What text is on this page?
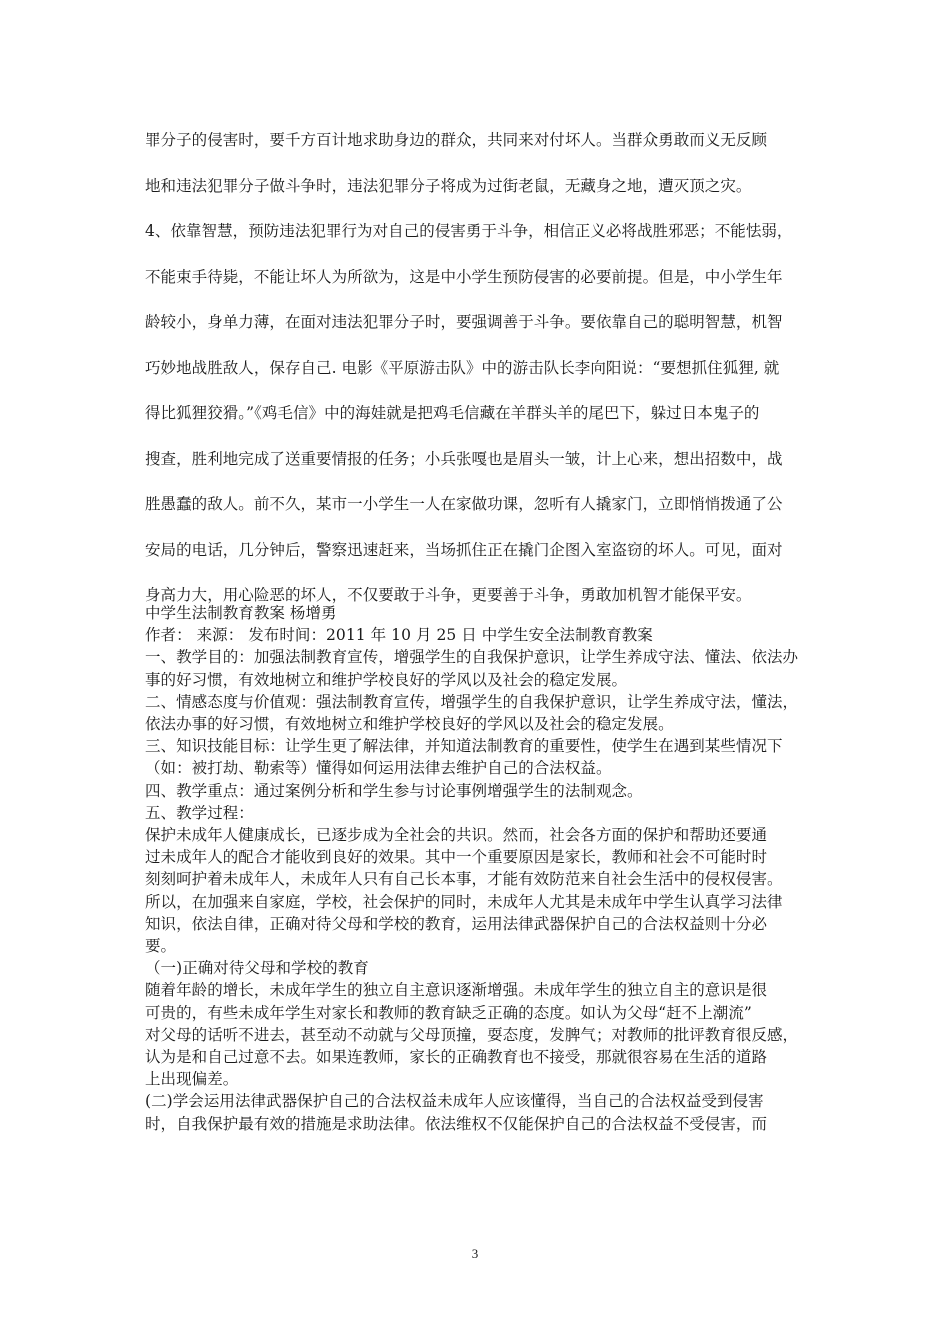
罪分子的侵害时，要千方百计地求助身边的群众，共同来对付坏人。当群众勇敢而义无反顾

地和违法犯罪分子做斗争时，违法犯罪分子将成为过街老鼠，无藏身之地，遭灭顶之灾。

4、依靠智慧，预防违法犯罪行为对自己的侵害勇于斗争，相信正义必将战胜邪恶；不能怯弱，

不能束手待毙，不能让坏人为所欲为，这是中小学生预防侵害的必要前提。但是，中小学生年

龄较小，身单力薄，在面对违法犯罪分子时，要强调善于斗争。要依靠自己的聪明智慧，机智

巧妙地战胜敌人，保存自己. 电影《平原游击队》中的游击队长李向阳说：“要想抓住狐狸, 就

得比狐狸狡猾。”《鸡毛信》中的海娃就是把鸡毛信藏在羊群头羊的尾巴下，躲过日本鬼子的

搜查，胜利地完成了送重要情报的任务；小兵张嘎也是眉头一皱，计上心来，想出招数中，战

胜愚蠢的敌人。前不久，某市一小学生一人在家做功课，忽听有人撬家门，立即悄悄拨通了公

安局的电话，几分钟后，警察迅速赶来，当场抓住正在撬门企图入室盗窃的坏人。可见，面对

身高力大，用心险恶的坏人，不仅要敢于斗争，更要善于斗争，勇敢加机智才能保平安。

中学生法制教育教案 杨增勇

作者： 来源： 发布时间：2011 年 10 月 25 日 中学生安全法制教育教案

一、教学目的：加强法制教育宣传，增强学生的自我保护意识，让学生养成守法、懂法、依法办

事的好习惯，有效地树立和维护学校良好的学风以及社会的稳定发展。

二、情感态度与价值观：强法制教育宣传，增强学生的自我保护意识，让学生养成守法，懂法，

依法办事的好习惯，有效地树立和维护学校良好的学风以及社会的稳定发展。

三、知识技能目标：让学生更了解法律，并知道法制教育的重要性，使学生在遇到某些情况下

（如：被打劫、勒索等）懂得如何运用法律去维护自己的合法权益。

四、教学重点：通过案例分析和学生参与讨论事例增强学生的法制观念。

五、教学过程：

保护未成年人健康成长，已逐步成为全社会的共识。然而，社会各方面的保护和帮助还要通

过未成年人的配合才能收到良好的效果。其中一个重要原因是家长，教师和社会不可能时时

刻刻呵护着未成年人，未成年人只有自己长本事，才能有效防范来自社会生活中的侵权侵害。

所以，在加强来自家庭，学校，社会保护的同时，未成年人尤其是未成年中学生认真学习法律

知识，依法自律，正确对待父母和学校的教育，运用法律武器保护自己的合法权益则十分必

要。

（一)正确对待父母和学校的教育

随着年龄的增长，未成年学生的独立自主意识逐渐增强。未成年学生的独立自主的意识是很

可贵的，有些未成年学生对家长和教师的教育缺乏正确的态度。如认为父母“赶不上潮流”

对父母的话听不进去，甚至动不动就与父母顶撞，耍态度，发脾气；对教师的批评教育很反感，

认为是和自己过意不去。如果连教师，家长的正确教育也不接受，那就很容易在生活的道路

上出现偏差。

(二)学会运用法律武器保护自己的合法权益未成年人应该懂得，当自己的合法权益受到侵害

时，自我保护最有效的措施是求助法律。依法维权不仅能保护自己的合法权益不受侵害，而

3
